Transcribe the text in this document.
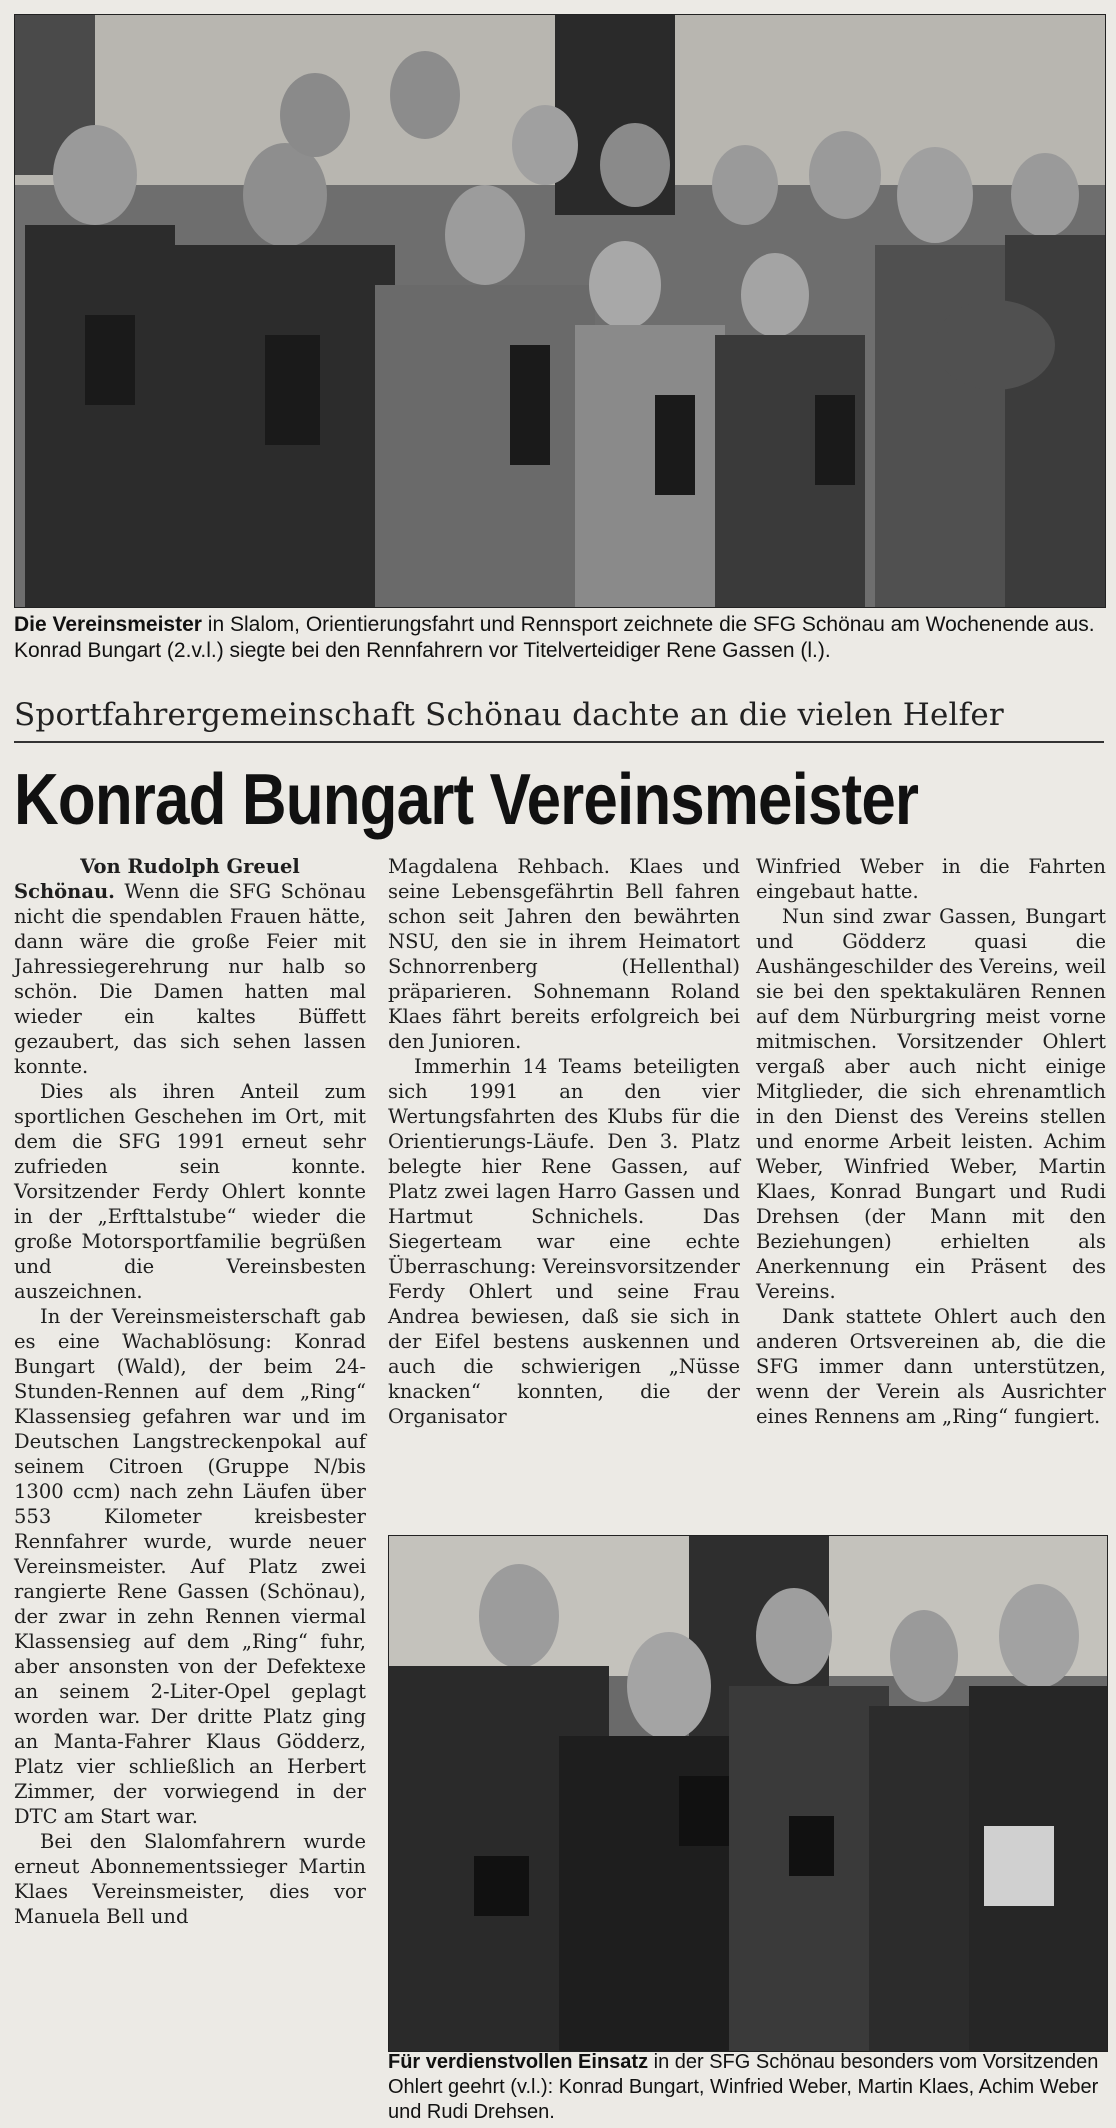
Die Vereinsmeister in Slalom, Orientierungsfahrt und Rennsport zeichnete die SFG Schönau am Wochenende aus. Konrad Bungart (2.v.l.) siegte bei den Rennfahrern vor Titelverteidiger Rene Gassen (l.).
Sportfahrergemeinschaft Schönau dachte an die vielen Helfer
Konrad Bungart Vereinsmeister

Von Rudolph Greuel

Schönau. Wenn die SFG Schönau nicht die spendablen Frauen hätte, dann wäre die große Feier mit Jahressiegerehrung nur halb so schön. Die Damen hatten mal wieder ein kaltes Büffett gezaubert, das sich sehen lassen konnte.

Dies als ihren Anteil zum sportlichen Geschehen im Ort, mit dem die SFG 1991 erneut sehr zufrieden sein konnte. Vorsitzender Ferdy Ohlert konnte in der „Erfttalstube“ wieder die große Motorsportfamilie begrüßen und die Vereinsbesten auszeichnen.

In der Vereinsmeisterschaft gab es eine Wachablösung: Konrad Bungart (Wald), der beim 24-Stunden-Rennen auf dem „Ring“ Klassensieg gefahren war und im Deutschen Langstreckenpokal auf seinem Citroen (Gruppe N/bis 1300 ccm) nach zehn Läufen über 553 Kilometer kreisbester Rennfahrer wurde, wurde neuer Vereinsmeister. Auf Platz zwei rangierte Rene Gassen (Schönau), der zwar in zehn Rennen viermal Klassensieg auf dem „Ring“ fuhr, aber ansonsten von der Defektexe an seinem 2-Liter-Opel geplagt worden war. Der dritte Platz ging an Manta-Fahrer Klaus Gödderz, Platz vier schließlich an Herbert Zimmer, der vorwiegend in der DTC am Start war.

Bei den Slalomfahrern wurde erneut Abonnementssieger Martin Klaes Vereinsmeister, dies vor Manuela Bell und

Magdalena Rehbach. Klaes und seine Lebensgefährtin Bell fahren schon seit Jahren den bewährten NSU, den sie in ihrem Heimatort Schnorrenberg (Hellenthal) präparieren. Sohnemann Roland Klaes fährt bereits erfolgreich bei den Junioren.

Immerhin 14 Teams beteiligten sich 1991 an den vier Wertungsfahrten des Klubs für die Orientierungs-Läufe. Den 3. Platz belegte hier Rene Gassen, auf Platz zwei lagen Harro Gassen und Hartmut Schnichels. Das Siegerteam war eine echte Überraschung: Vereinsvorsitzender Ferdy Ohlert und seine Frau Andrea bewiesen, daß sie sich in der Eifel bestens auskennen und auch die schwierigen „Nüsse knacken“ konnten, die der Organisator

Winfried Weber in die Fahrten eingebaut hatte.

Nun sind zwar Gassen, Bungart und Gödderz quasi die Aushängeschilder des Vereins, weil sie bei den spektakulären Rennen auf dem Nürburgring meist vorne mitmischen. Vorsitzender Ohlert vergaß aber auch nicht einige Mitglieder, die sich ehrenamtlich in den Dienst des Vereins stellen und enorme Arbeit leisten. Achim Weber, Winfried Weber, Martin Klaes, Konrad Bungart und Rudi Drehsen (der Mann mit den Beziehungen) erhielten als Anerkennung ein Präsent des Vereins.

Dank stattete Ohlert auch den anderen Ortsvereinen ab, die die SFG immer dann unterstützen, wenn der Verein als Ausrichter eines Rennens am „Ring“ fungiert.

Für verdienstvollen Einsatz in der SFG Schönau besonders vom Vorsitzenden Ohlert geehrt (v.l.): Konrad Bungart, Winfried Weber, Martin Klaes, Achim Weber und Rudi Drehsen.
